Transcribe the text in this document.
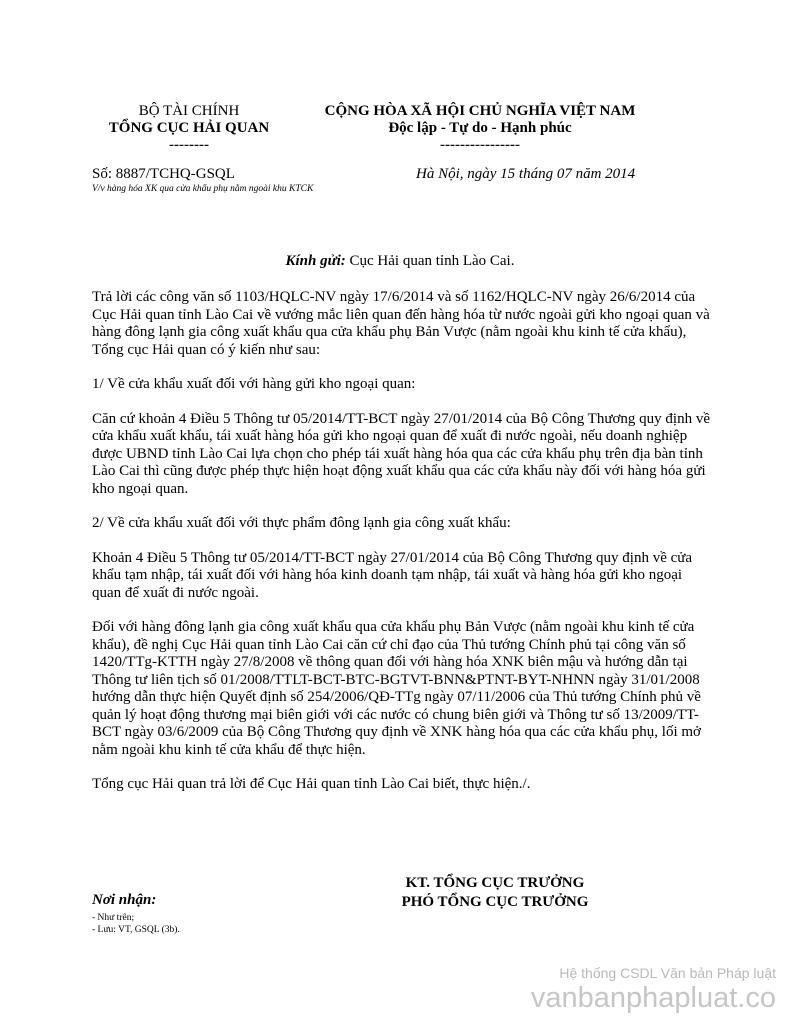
BỘ TÀI CHÍNH
TỔNG CỤC HẢI QUAN
--------
CỘNG HÒA XÃ HỘI CHỦ NGHĨA VIỆT NAM
Độc lập - Tự do - Hạnh phúc
----------------
Số: 8887/TCHQ-GSQL
V/v hàng hóa XK qua cửa khẩu phụ nằm ngoài khu KTCK
Hà Nội, ngày 15 tháng 07 năm 2014
Kính gửi: Cục Hải quan tỉnh Lào Cai.

Trả lời các công văn số 1103/HQLC-NV ngày 17/6/2014 và số 1162/HQLC-NV ngày 26/6/2014 của Cục Hải quan tỉnh Lào Cai về vướng mắc liên quan đến hàng hóa từ nước ngoài gửi kho ngoại quan và hàng đông lạnh gia công xuất khẩu qua cửa khẩu phụ Bản Vược (nằm ngoài khu kinh tế cửa khẩu), Tổng cục Hải quan có ý kiến như sau:

1/ Về cửa khẩu xuất đối với hàng gửi kho ngoại quan:

Căn cứ khoản 4 Điều 5 Thông tư 05/2014/TT-BCT ngày 27/01/2014 của Bộ Công Thương quy định về cửa khẩu xuất khẩu, tái xuất hàng hóa gửi kho ngoại quan để xuất đi nước ngoài, nếu doanh nghiệp được UBND tỉnh Lào Cai lựa chọn cho phép tái xuất hàng hóa qua các cửa khẩu phụ trên địa bàn tỉnh Lào Cai thì cũng được phép thực hiện hoạt động xuất khẩu qua các cửa khẩu này đối với hàng hóa gửi kho ngoại quan.

2/ Về cửa khẩu xuất đối với thực phẩm đông lạnh gia công xuất khẩu:

Khoản 4 Điều 5 Thông tư 05/2014/TT-BCT ngày 27/01/2014 của Bộ Công Thương quy định về cửa khẩu tạm nhập, tái xuất đối với hàng hóa kinh doanh tạm nhập, tái xuất và hàng hóa gửi kho ngoại quan để xuất đi nước ngoài.

Đối với hàng đông lạnh gia công xuất khẩu qua cửa khẩu phụ Bản Vược (nằm ngoài khu kinh tế cửa khẩu), đề nghị Cục Hải quan tỉnh Lào Cai căn cứ chỉ đạo của Thủ tướng Chính phủ tại công văn số 1420/TTg-KTTH ngày 27/8/2008 về thông quan đối với hàng hóa XNK biên mậu và hướng dẫn tại Thông tư liên tịch số 01/2008/TTLT-BCT-BTC-BGTVT-BNN&PTNT-BYT-NHNN ngày 31/01/2008 hướng dẫn thực hiện Quyết định số 254/2006/QĐ-TTg ngày 07/11/2006 của Thủ tướng Chính phủ về quản lý hoạt động thương mại biên giới với các nước có chung biên giới và Thông tư số 13/2009/TT-BCT ngày 03/6/2009 của Bộ Công Thương quy định về XNK hàng hóa qua các cửa khẩu phụ, lối mở nằm ngoài khu kinh tế cửa khẩu để thực hiện.

Tổng cục Hải quan trả lời để Cục Hải quan tỉnh Lào Cai biết, thực hiện./.

KT. TỔNG CỤC TRƯỞNG
PHÓ TỔNG CỤC TRƯỞNG
Nơi nhận:
- Như trên;
- Lưu: VT, GSQL (3b).
Hệ thống CSDL Văn bản Pháp luật
vanbanphapluat.co
